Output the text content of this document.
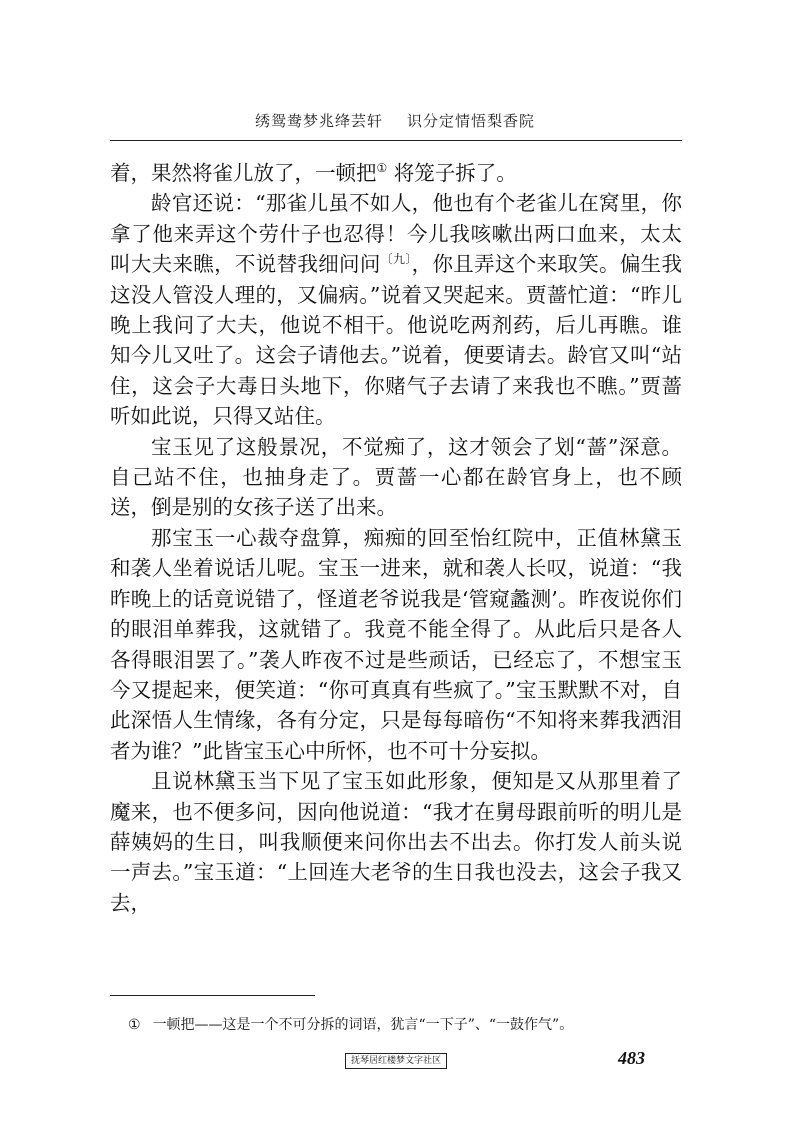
绣鸳鸯梦兆绛芸轩 识分定情悟梨香院

着，果然将雀儿放了，一顿把① 将笼子拆了。

龄官还说：“那雀儿虽不如人，他也有个老雀儿在窝里，你拿了他来弄这个劳什子也忍得！今儿我咳嗽出两口血来，太太叫大夫来瞧，不说替我细问问$^{〔九〕}$，你且弄这个来取笑。偏生我这没人管没人理的，又偏病。”说着又哭起来。贾蔷忙道：“昨儿晚上我问了大夫，他说不相干。他说吃两剂药，后儿再瞧。谁知今儿又吐了。这会子请他去。”说着，便要请去。龄官又叫“站住，这会子大毒日头地下，你赌气子去请了来我也不瞧。”贾蔷听如此说，只得又站住。

宝玉见了这般景况，不觉痴了，这才领会了划“蔷”深意。自己站不住，也抽身走了。贾蔷一心都在龄官身上，也不顾送，倒是别的女孩子送了出来。

那宝玉一心裁夺盘算，痴痴的回至怡红院中，正值林黛玉和袭人坐着说话儿呢。宝玉一进来，就和袭人长叹，说道：“我昨晚上的话竟说错了，怪道老爷说我是‘管窥蠡测’。昨夜说你们的眼泪单葬我，这就错了。我竟不能全得了。从此后只是各人各得眼泪罢了。”袭人昨夜不过是些顽话，已经忘了，不想宝玉今又提起来，便笑道：“你可真真有些疯了。”宝玉默默不对，自此深悟人生情缘，各有分定，只是每每暗伤“不知将来葬我洒泪者为谁？”此皆宝玉心中所怀，也不可十分妄拟。

且说林黛玉当下见了宝玉如此形象，便知是又从那里着了魔来，也不便多问，因向他说道：“我才在舅母跟前听的明儿是薛姨妈的生日，叫我顺便来问你出去不出去。你打发人前头说一声去。”宝玉道：“上回连大老爷的生日我也没去，这会子我又去，

① 一顿把——这是一个不可分拆的词语，犹言“一下子”、“一鼓作气”。
抚琴居红楼梦文字社区	483
